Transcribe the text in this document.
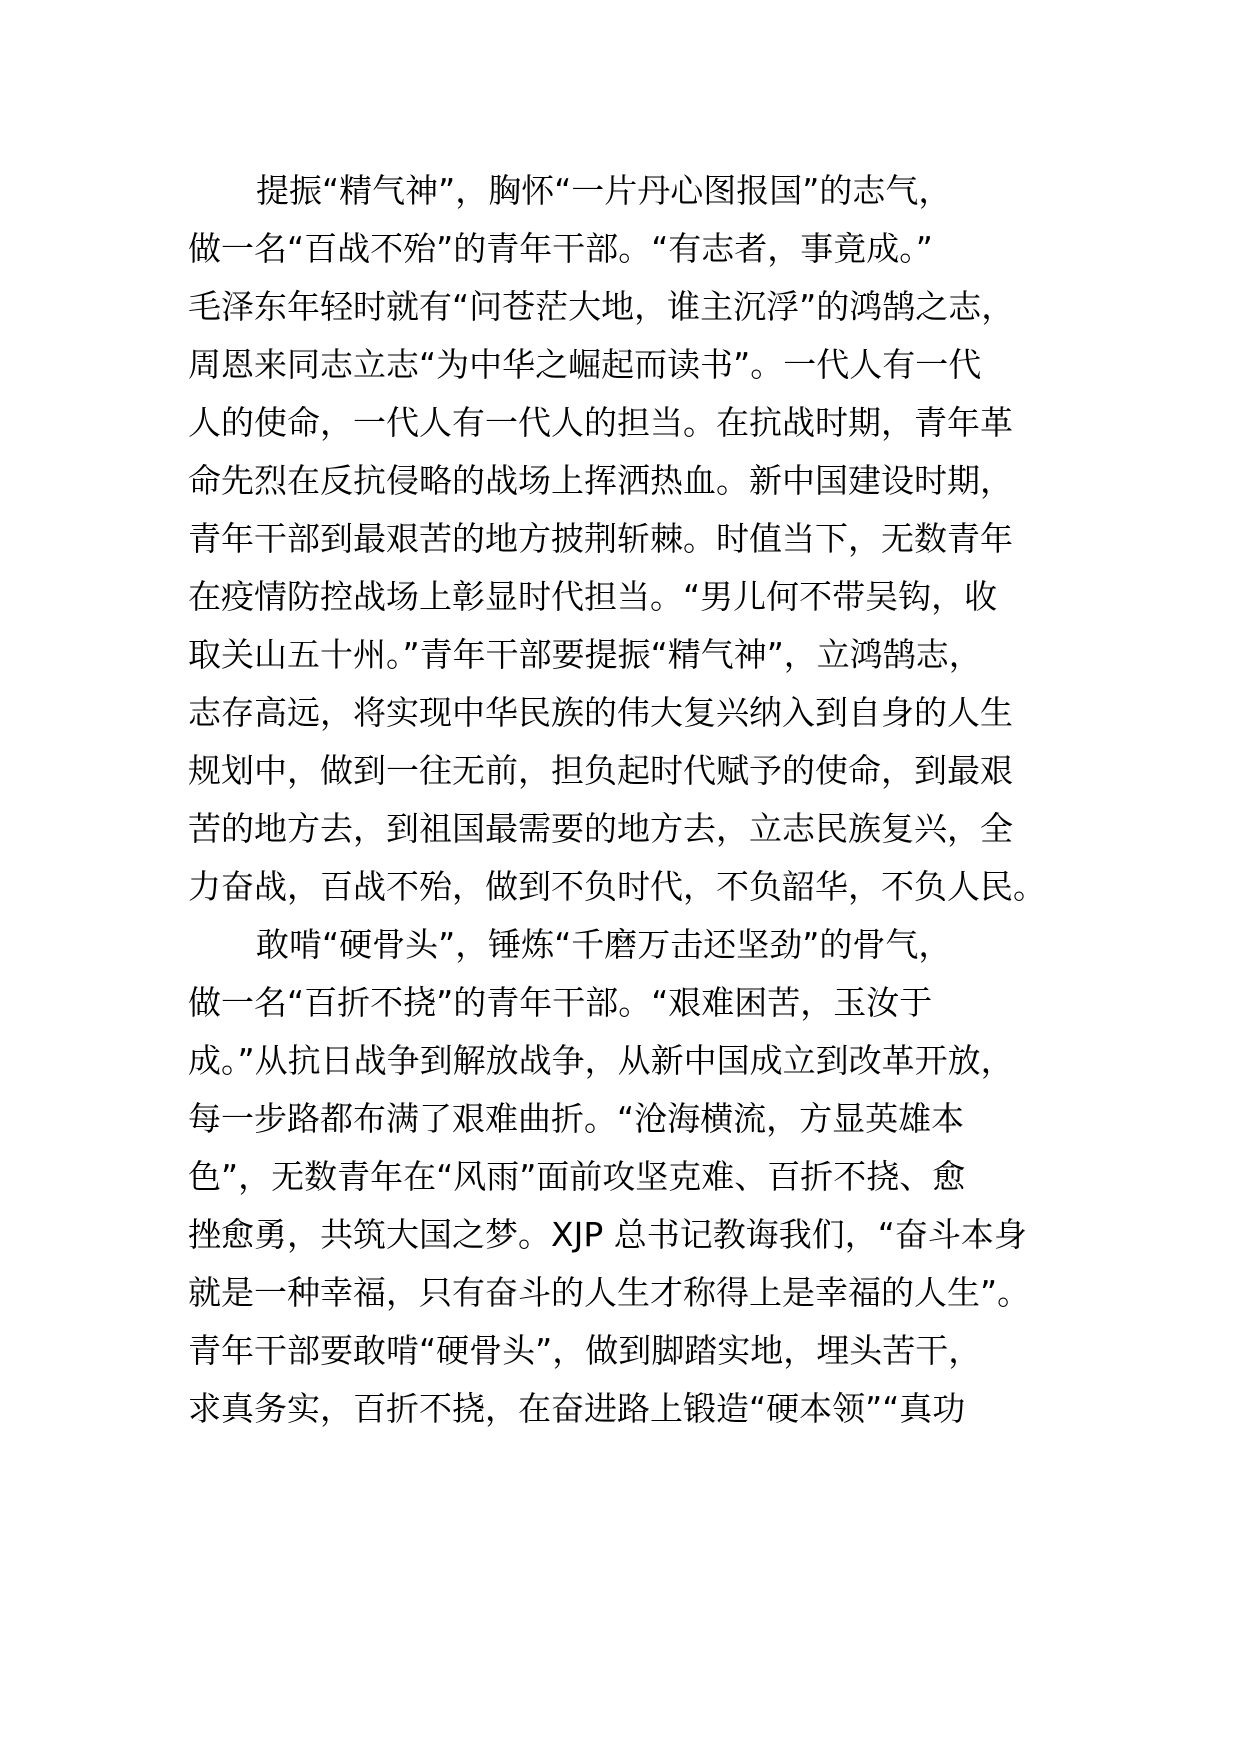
提振“精气神”，胸怀“一片丹心图报国”的志气，
做一名“百战不殆”的青年干部。“有志者，事竟成。”
毛泽东年轻时就有“问苍茫大地，谁主沉浮”的鸿鹄之志，
周恩来同志立志“为中华之崛起而读书”。一代人有一代
人的使命，一代人有一代人的担当。在抗战时期，青年革
命先烈在反抗侵略的战场上挥洒热血。新中国建设时期，
青年干部到最艰苦的地方披荆斩棘。时值当下，无数青年
在疫情防控战场上彰显时代担当。“男儿何不带吴钩，收
取关山五十州。”青年干部要提振“精气神”，立鸿鹄志，
志存高远，将实现中华民族的伟大复兴纳入到自身的人生
规划中，做到一往无前，担负起时代赋予的使命，到最艰
苦的地方去，到祖国最需要的地方去，立志民族复兴，全
力奋战，百战不殆，做到不负时代，不负韶华，不负人民。
敢啃“硬骨头”，锤炼“千磨万击还坚劲”的骨气，
做一名“百折不挠”的青年干部。“艰难困苦，玉汝于
成。”从抗日战争到解放战争，从新中国成立到改革开放，
每一步路都布满了艰难曲折。“沧海横流，方显英雄本
色”，无数青年在“风雨”面前攻坚克难、百折不挠、愈
挫愈勇，共筑大国之梦。XJP 总书记教诲我们，“奋斗本身
就是一种幸福，只有奋斗的人生才称得上是幸福的人生”。
青年干部要敢啃“硬骨头”，做到脚踏实地，埋头苦干，
求真务实，百折不挠，在奋进路上锻造“硬本领”“真功
